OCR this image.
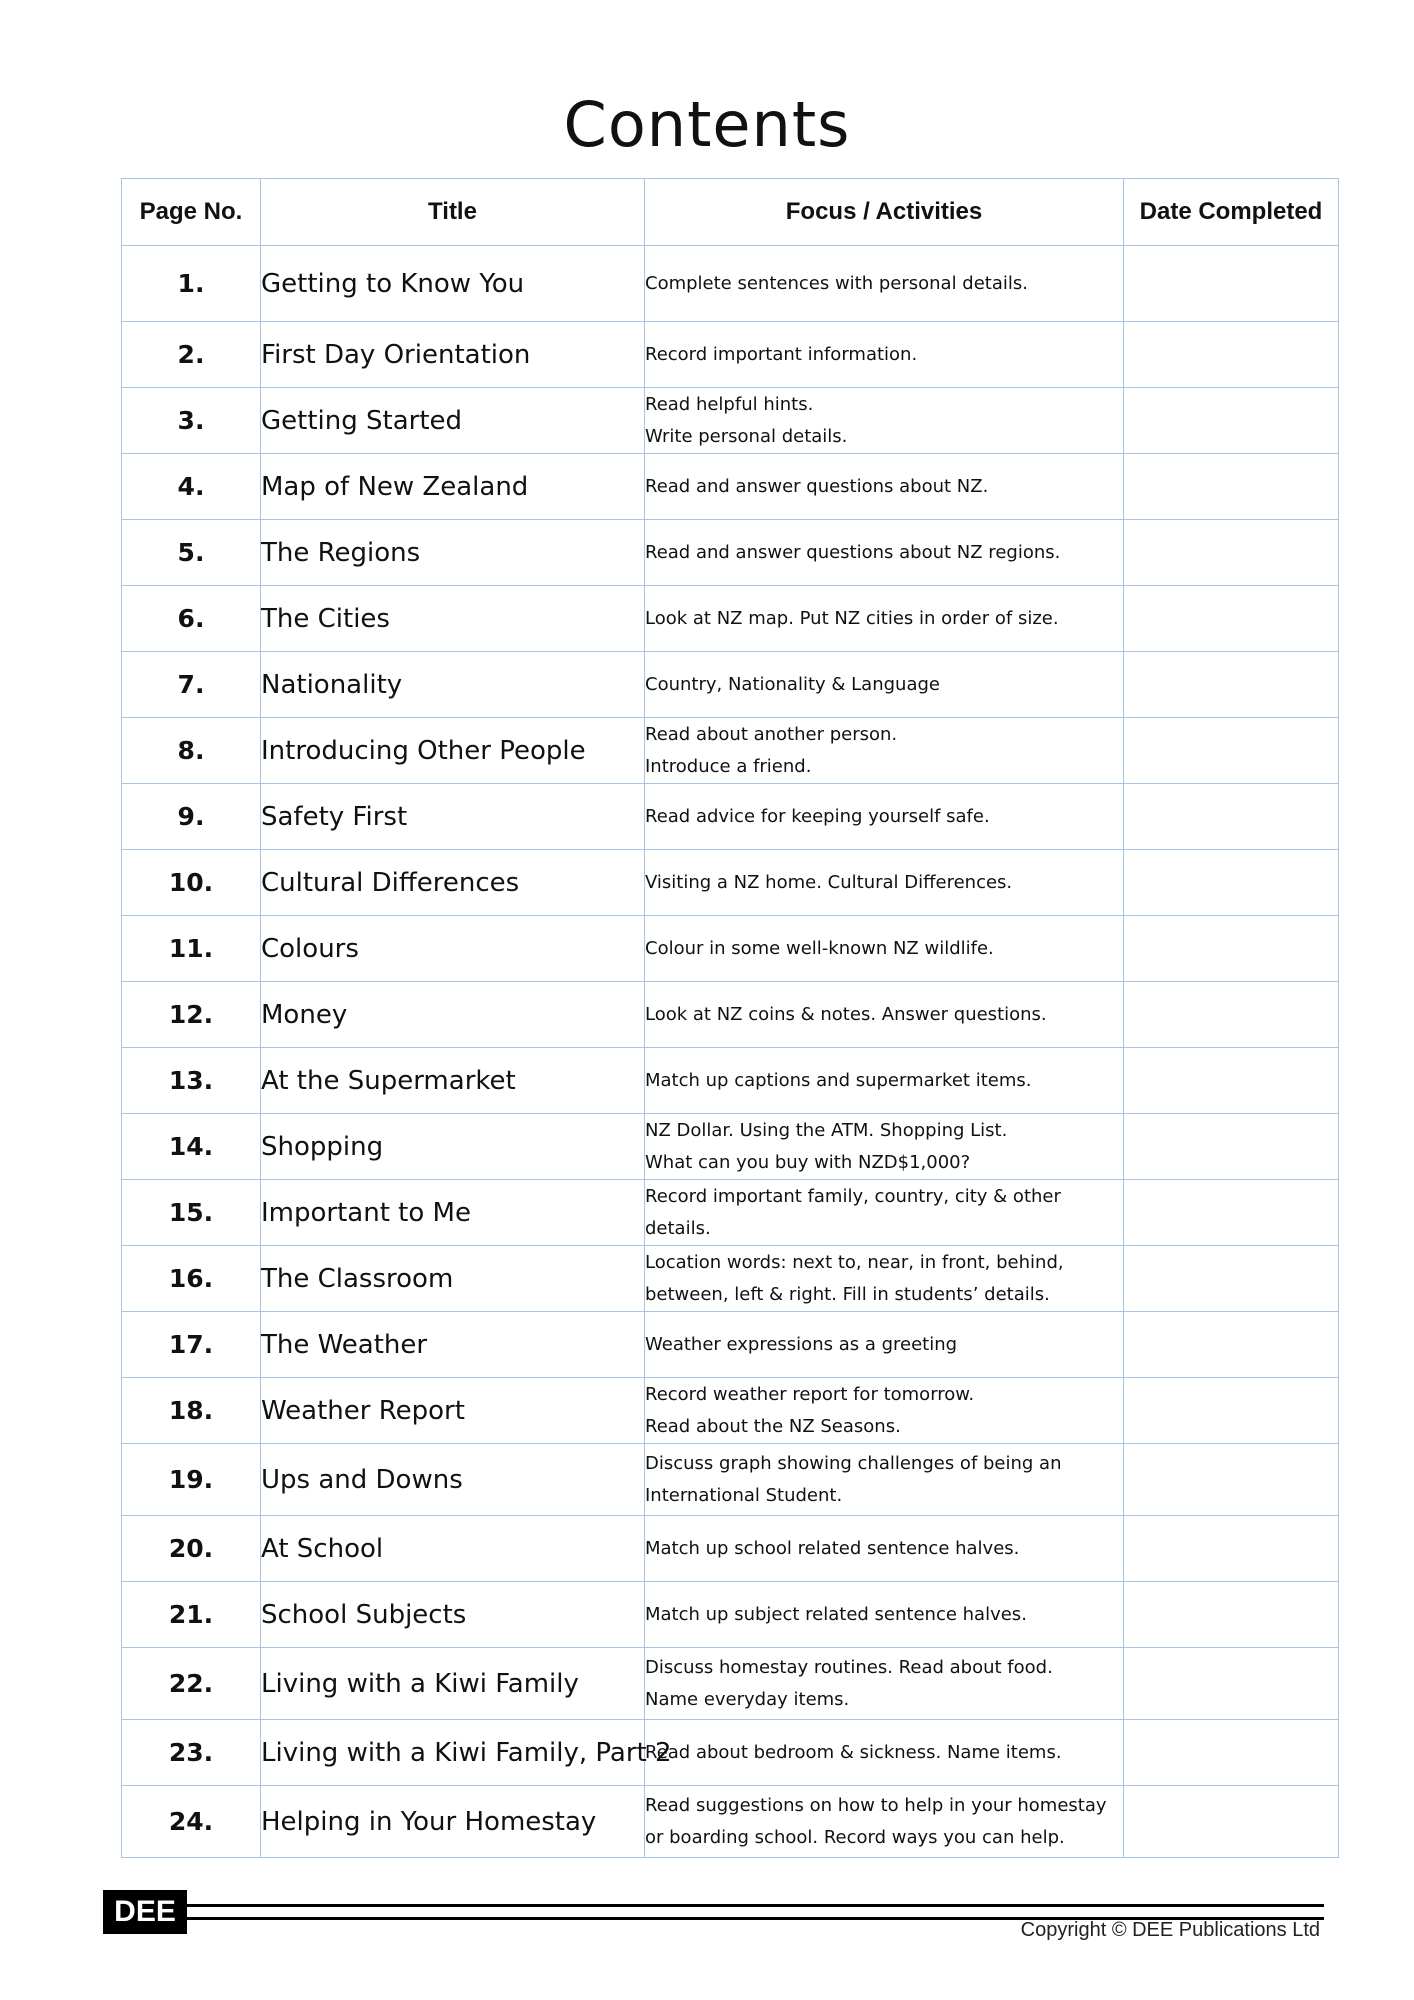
Contents
Page No.	Title	Focus / Activities	Date Completed
1.	Getting to Know You	Complete sentences with personal details.	

2.	First Day Orientation	Record important information.	

3.	Getting Started	Read helpful hints.
Write personal details.	

4.	Map of New Zealand	Read and answer questions about NZ.	

5.	The Regions	Read and answer questions about NZ regions.	

6.	The Cities	Look at NZ map. Put NZ cities in order of size.	

7.	Nationality	Country, Nationality & Language	

8.	Introducing Other People	Read about another person.
Introduce a friend.	

9.	Safety First	Read advice for keeping yourself safe.	

10.	Cultural Differences	Visiting a NZ home. Cultural Differences.	

11.	Colours	Colour in some well-known NZ wildlife.	

12.	Money	Look at NZ coins & notes. Answer questions.	

13.	At the Supermarket	Match up captions and supermarket items.	

14.	Shopping	NZ Dollar. Using the ATM. Shopping List.
What can you buy with NZD$1,000?	

15.	Important to Me	Record important family, country, city & other
details.	

16.	The Classroom	Location words: next to, near, in front, behind,
between, left & right. Fill in students’ details.	

17.	The Weather	Weather expressions as a greeting	

18.	Weather Report	Record weather report for tomorrow.
Read about the NZ Seasons.	

19.	Ups and Downs	Discuss graph showing challenges of being an
International Student.	

20.	At School	Match up school related sentence halves.	

21.	School Subjects	Match up subject related sentence halves.	

22.	Living with a Kiwi Family	Discuss homestay routines. Read about food.
Name everyday items.	

23.	Living with a Kiwi Family, Part 2	Read about bedroom & sickness. Name items.	

24.	Helping in Your Homestay	Read suggestions on how to help in your homestay
or boarding school. Record ways you can help.	

DEE
Copyright © DEE Publications Ltd
